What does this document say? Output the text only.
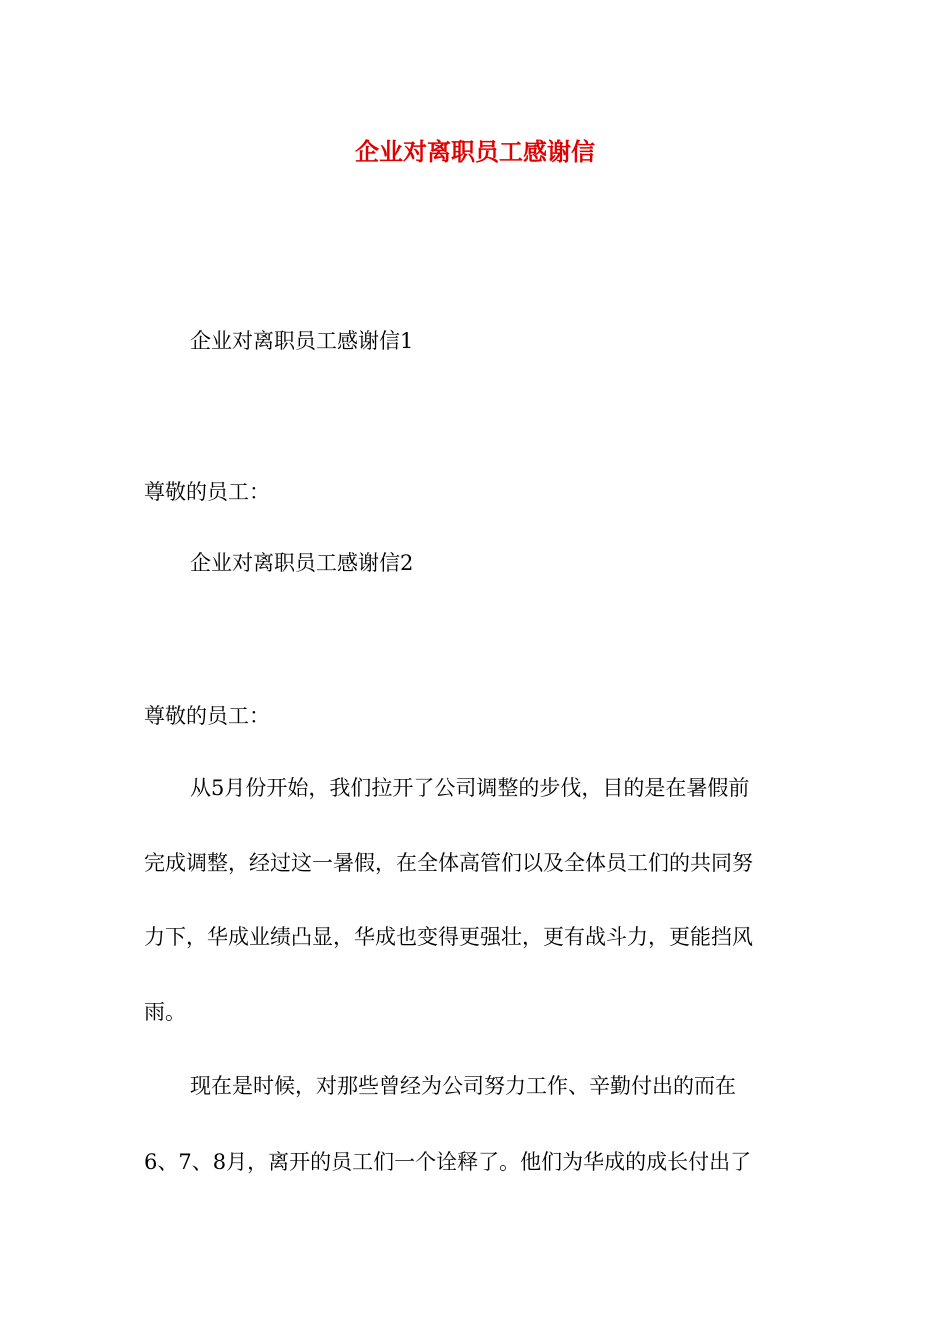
企业对离职员工感谢信
企业对离职员工感谢信1
尊敬的员工：
企业对离职员工感谢信2
尊敬的员工：
从5月份开始，我们拉开了公司调整的步伐，目的是在暑假前
完成调整，经过这一暑假，在全体高管们以及全体员工们的共同努
力下，华成业绩凸显，华成也变得更强壮，更有战斗力，更能挡风
雨。
现在是时候，对那些曾经为公司努力工作、辛勤付出的而在
6、7、8月，离开的员工们一个诠释了。他们为华成的成长付出了
